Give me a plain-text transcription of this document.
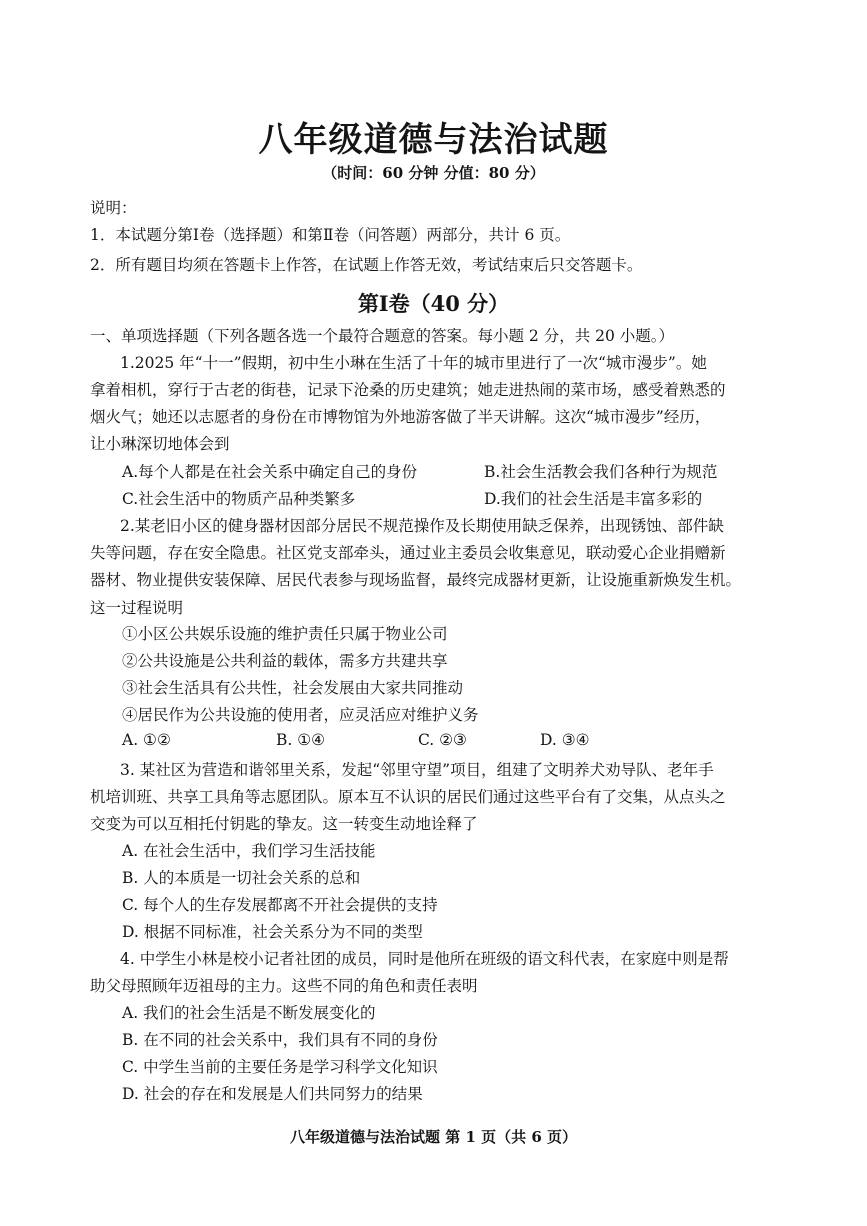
八年级道德与法治试题
（时间：60 分钟 分值：80 分）
说明：
1．本试题分第Ⅰ卷（选择题）和第Ⅱ卷（问答题）两部分，共计 6 页。
2．所有题目均须在答题卡上作答，在试题上作答无效，考试结束后只交答题卡。
第Ⅰ卷（40 分）
一、单项选择题（下列各题各选一个最符合题意的答案。每小题 2 分，共 20 小题。）
1.2025 年“十一”假期，初中生小琳在生活了十年的城市里进行了一次“城市漫步”。她
拿着相机，穿行于古老的街巷，记录下沧桑的历史建筑；她走进热闹的菜市场，感受着熟悉的
烟火气；她还以志愿者的身份在市博物馆为外地游客做了半天讲解。这次“城市漫步”经历，
让小琳深切地体会到
A.每个人都是在社会关系中确定自己的身份	B.社会生活教会我们各种行为规范
C.社会生活中的物质产品种类繁多	D.我们的社会生活是丰富多彩的
2.某老旧小区的健身器材因部分居民不规范操作及长期使用缺乏保养，出现锈蚀、部件缺
失等问题，存在安全隐患。社区党支部牵头，通过业主委员会收集意见，联动爱心企业捐赠新
器材、物业提供安装保障、居民代表参与现场监督，最终完成器材更新，让设施重新焕发生机。
这一过程说明
①小区公共娱乐设施的维护责任只属于物业公司
②公共设施是公共利益的载体，需多方共建共享
③社会生活具有公共性，社会发展由大家共同推动
④居民作为公共设施的使用者，应灵活应对维护义务
A. ①②	B. ①④	C. ②③	D. ③④
3. 某社区为营造和谐邻里关系，发起“邻里守望”项目，组建了文明养犬劝导队、老年手
机培训班、共享工具角等志愿团队。原本互不认识的居民们通过这些平台有了交集，从点头之
交变为可以互相托付钥匙的挚友。这一转变生动地诠释了
A. 在社会生活中，我们学习生活技能
B. 人的本质是一切社会关系的总和
C. 每个人的生存发展都离不开社会提供的支持
D. 根据不同标准，社会关系分为不同的类型
4. 中学生小林是校小记者社团的成员，同时是他所在班级的语文科代表，在家庭中则是帮
助父母照顾年迈祖母的主力。这些不同的角色和责任表明
A. 我们的社会生活是不断发展变化的
B. 在不同的社会关系中，我们具有不同的身份
C. 中学生当前的主要任务是学习科学文化知识
D. 社会的存在和发展是人们共同努力的结果
八年级道德与法治试题 第 1 页（共 6 页）
